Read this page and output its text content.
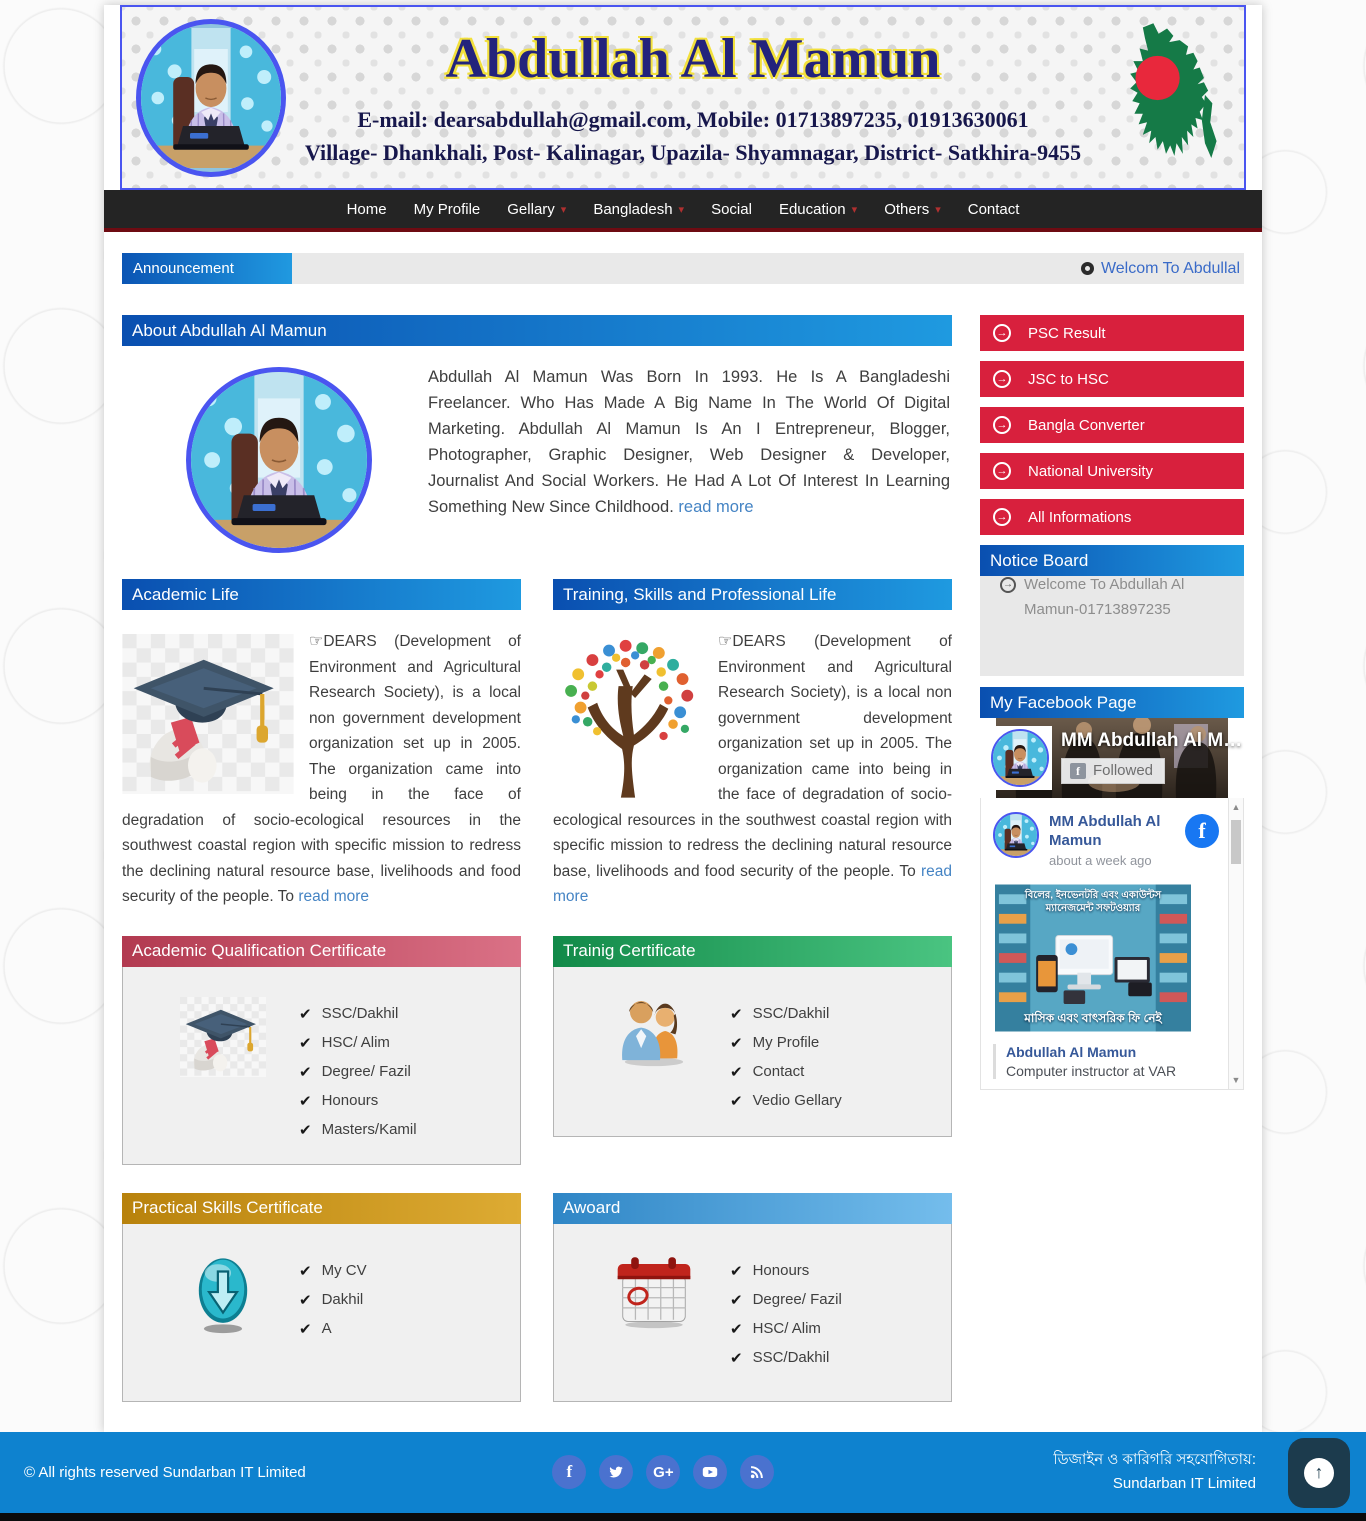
Abdullah Al Mamun
E-mail: dearsabdullah@gmail.com, Mobile: 01713897235, 01913630061
Village- Dhankhali, Post- Kalinagar, Upazila- Shyamnagar, District- Satkhira-9455
Home My Profile Gellary ▾ Bangladesh ▾ Social Education ▾ Others ▾ Contact
Announcement	Welcom To Abdullal
About Abdullah Al Mamun
Abdullah Al Mamun Was Born In 1993. He Is A Bangladeshi Freelancer. Who Has Made A Big Name In The World Of Digital Marketing. Abdullah Al Mamun Is An I Entrepreneur, Blogger, Photographer, Graphic Designer, Web Designer & Developer, Journalist And Social Workers. He Had A Lot Of Interest In Learning Something New Since Childhood. read more
Academic Life
☞DEARS (Development of Environment and Agricultural Research Society), is a local non government development organization set up in 2005. The organization came into being in the face of degradation of socio-ecological resources in the southwest coastal region with specific mission to redress the declining natural resource base, livelihoods and food security of the people. To read more
Training, Skills and Professional Life
☞DEARS (Development of Environment and Agricultural Research Society), is a local non government development organization set up in 2005. The organization came into being in the face of degradation of socio-ecological resources in the southwest coastal region with specific mission to redress the declining natural resource base, livelihoods and food security of the people. To read more
Academic Qualification Certificate
✔ SSC/Dakhil
✔ HSC/ Alim
✔ Degree/ Fazil
✔ Honours
✔ Masters/Kamil
Trainig Certificate
✔ SSC/Dakhil
✔ My Profile
✔ Contact
✔ Vedio Gellary
Practical Skills Certificate
✔ My CV
✔ Dakhil
✔ A
Awoard
✔ Honours
✔ Degree/ Fazil
✔ HSC/ Alim
✔ SSC/Dakhil
→ PSC Result
→ JSC to HSC
→ Bangla Converter
→ National University
→ All Informations
Notice Board
→ Welcome To Abdullah Al Mamun-01713897235
My Facebook Page
MM Abdullah Al M…
f Followed
MM Abdullah Al Mamun
about a week ago
f
বিলের, ইনভেনটরি এবং একাউন্টস ম্যানেজমেন্ট সফটওয়্যার
মাসিক এবং বাৎসরিক ফি নেই
Abdullah Al Mamun
Computer instructor at VAR
▲
▼
© All rights reserved Sundarban IT Limited	f	G+
ডিজাইন ও কারিগরি সহযোগিতায়: Sundarban IT Limited
↑
